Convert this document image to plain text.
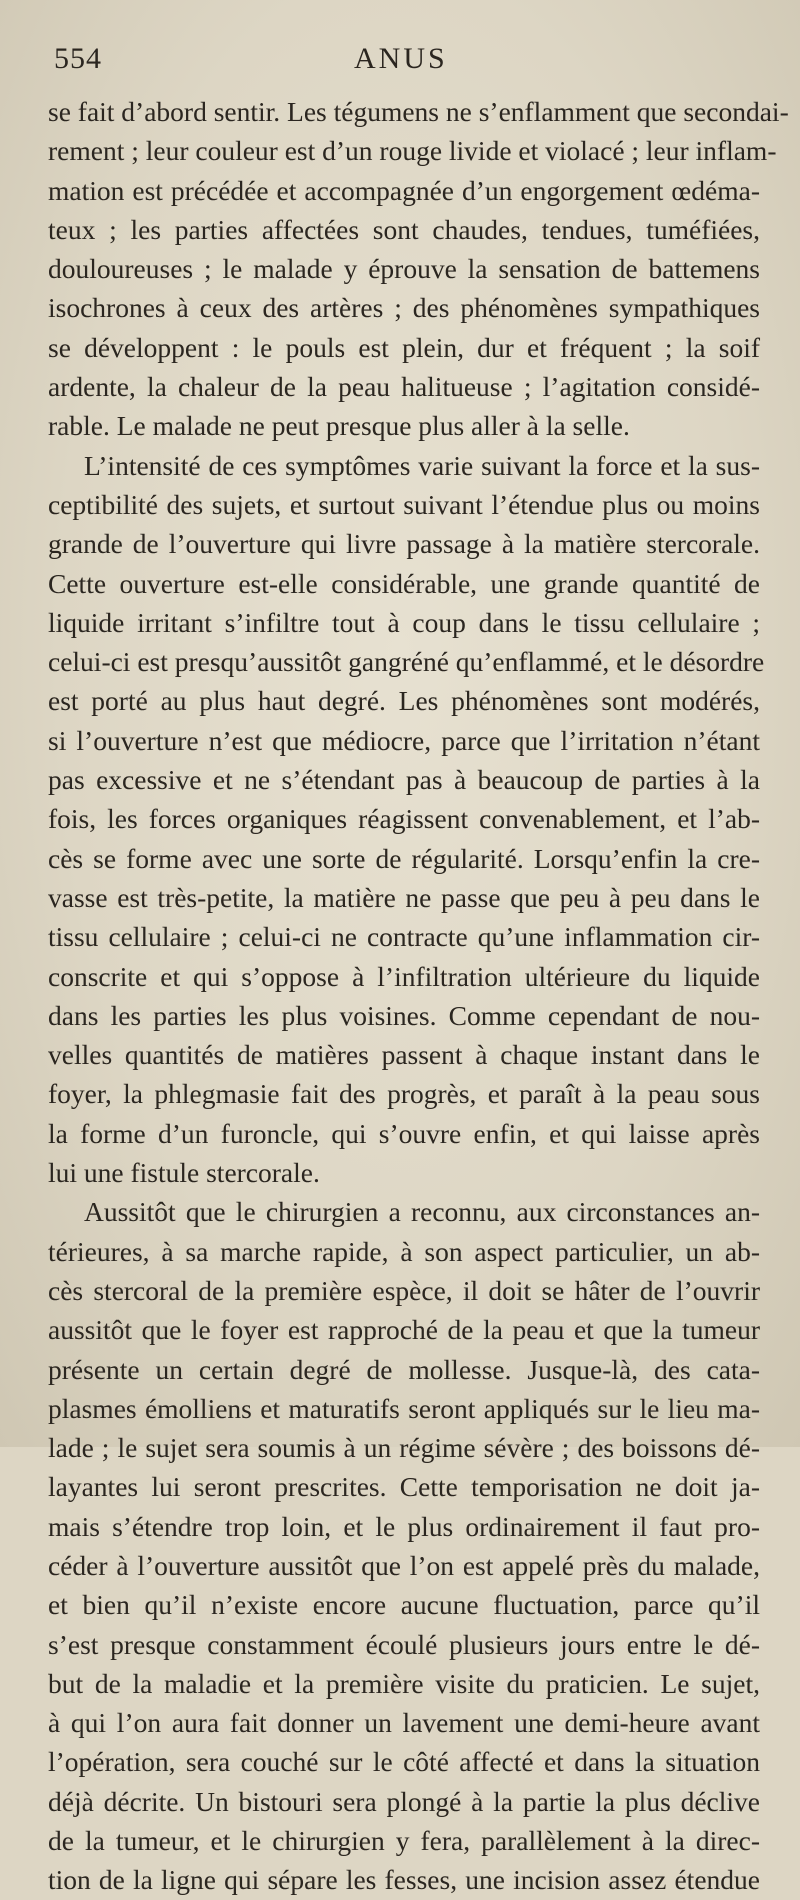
554	ANUS
se fait d’abord sentir. Les tégumens ne s’enflamment que secondai-
rement ; leur couleur est d’un rouge livide et violacé ; leur inflam-
mation est précédée et accompagnée d’un engorgement œdéma-
teux ; les parties affectées sont chaudes, tendues, tuméfiées,
douloureuses ; le malade y éprouve la sensation de battemens
isochrones à ceux des artères ; des phénomènes sympathiques
se développent : le pouls est plein, dur et fréquent ; la soif
ardente, la chaleur de la peau halitueuse ; l’agitation considé-
rable. Le malade ne peut presque plus aller à la selle.
L’intensité de ces symptômes varie suivant la force et la sus-
ceptibilité des sujets, et surtout suivant l’étendue plus ou moins
grande de l’ouverture qui livre passage à la matière stercorale.
Cette ouverture est-elle considérable, une grande quantité de
liquide irritant s’infiltre tout à coup dans le tissu cellulaire ;
celui-ci est presqu’aussitôt gangréné qu’enflammé, et le désordre
est porté au plus haut degré. Les phénomènes sont modérés,
si l’ouverture n’est que médiocre, parce que l’irritation n’étant
pas excessive et ne s’étendant pas à beaucoup de parties à la
fois, les forces organiques réagissent convenablement, et l’ab-
cès se forme avec une sorte de régularité. Lorsqu’enfin la cre-
vasse est très-petite, la matière ne passe que peu à peu dans le
tissu cellulaire ; celui-ci ne contracte qu’une inflammation cir-
conscrite et qui s’oppose à l’infiltration ultérieure du liquide
dans les parties les plus voisines. Comme cependant de nou-
velles quantités de matières passent à chaque instant dans le
foyer, la phlegmasie fait des progrès, et paraît à la peau sous
la forme d’un furoncle, qui s’ouvre enfin, et qui laisse après
lui une fistule stercorale.
Aussitôt que le chirurgien a reconnu, aux circonstances an-
térieures, à sa marche rapide, à son aspect particulier, un ab-
cès stercoral de la première espèce, il doit se hâter de l’ouvrir
aussitôt que le foyer est rapproché de la peau et que la tumeur
présente un certain degré de mollesse. Jusque-là, des cata-
plasmes émolliens et maturatifs seront appliqués sur le lieu ma-
lade ; le sujet sera soumis à un régime sévère ; des boissons dé-
layantes lui seront prescrites. Cette temporisation ne doit ja-
mais s’étendre trop loin, et le plus ordinairement il faut pro-
céder à l’ouverture aussitôt que l’on est appelé près du malade,
et bien qu’il n’existe encore aucune fluctuation, parce qu’il
s’est presque constamment écoulé plusieurs jours entre le dé-
but de la maladie et la première visite du praticien. Le sujet,
à qui l’on aura fait donner un lavement une demi-heure avant
l’opération, sera couché sur le côté affecté et dans la situation
déjà décrite. Un bistouri sera plongé à la partie la plus déclive
de la tumeur, et le chirurgien y fera, parallèlement à la direc-
tion de la ligne qui sépare les fesses, une incision assez étendue
